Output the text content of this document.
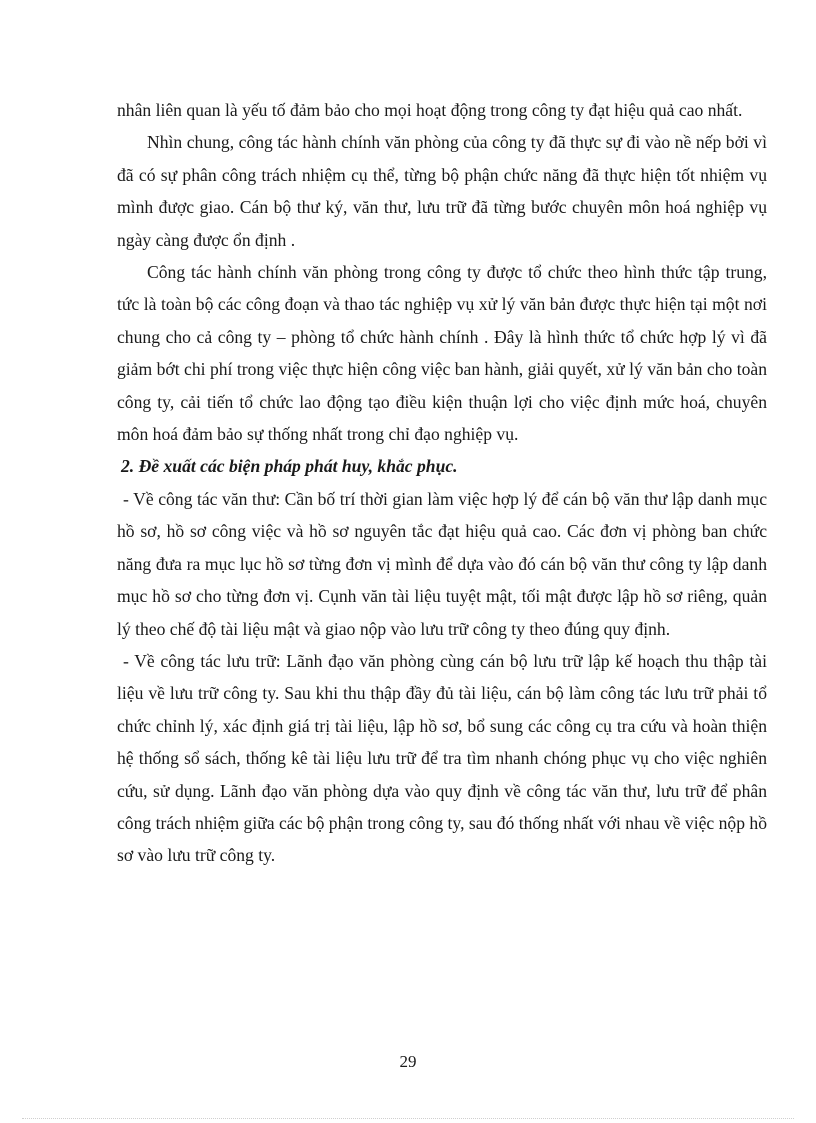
nhân liên quan là yếu tố đảm bảo cho mọi hoạt động trong công ty đạt hiệu quả cao nhất.

Nhìn chung, công tác hành chính văn phòng của công ty đã thực sự đi vào nề nếp bởi vì đã có sự phân công trách nhiệm cụ thể, từng bộ phận chức năng đã thực hiện tốt nhiệm vụ mình được giao. Cán bộ thư ký, văn thư, lưu trữ đã từng bước chuyên môn hoá nghiệp vụ ngày càng được ổn định .

Công tác hành chính văn phòng trong công ty được tổ chức theo hình thức tập trung, tức là toàn bộ các công đoạn và thao tác nghiệp vụ xử lý văn bản được thực hiện tại một nơi chung cho cả công ty – phòng tổ chức hành chính . Đây là hình thức tổ chức hợp lý vì đã giảm bớt chi phí trong việc thực hiện công việc ban hành, giải quyết, xử lý văn bản cho toàn công ty, cải tiến tổ chức lao động tạo điều kiện thuận lợi cho việc định mức hoá, chuyên môn hoá đảm bảo sự thống nhất trong chỉ đạo nghiệp vụ.

2. Đề xuất các biện pháp phát huy, khắc phục.

- Về công tác văn thư: Cần bố trí thời gian làm việc hợp lý để cán bộ văn thư lập danh mục hồ sơ, hồ sơ công việc và hồ sơ nguyên tắc đạt hiệu quả cao. Các đơn vị phòng ban chức năng đưa ra mục lục hồ sơ từng đơn vị mình để dựa vào đó cán bộ văn thư công ty lập danh mục hồ sơ cho từng đơn vị. Cụnh văn tài liệu tuyệt mật, tối mật được lập hồ sơ riêng, quản lý theo chế độ tài liệu mật và giao nộp vào lưu trữ công ty theo đúng quy định.

- Về công tác lưu trữ: Lãnh đạo văn phòng cùng cán bộ lưu trữ lập kế hoạch thu thập tài liệu về lưu trữ công ty. Sau khi thu thập đầy đủ tài liệu, cán bộ làm công tác lưu trữ phải tổ chức chỉnh lý, xác định giá trị tài liệu, lập hồ sơ, bổ sung các công cụ tra cứu và hoàn thiện hệ thống sổ sách, thống kê tài liệu lưu trữ để tra tìm nhanh chóng phục vụ cho việc nghiên cứu, sử dụng. Lãnh đạo văn phòng dựa vào quy định về công tác văn thư, lưu trữ để phân công trách nhiệm giữa các bộ phận trong công ty, sau đó thống nhất với nhau về việc nộp hồ sơ vào lưu trữ công ty.

29
